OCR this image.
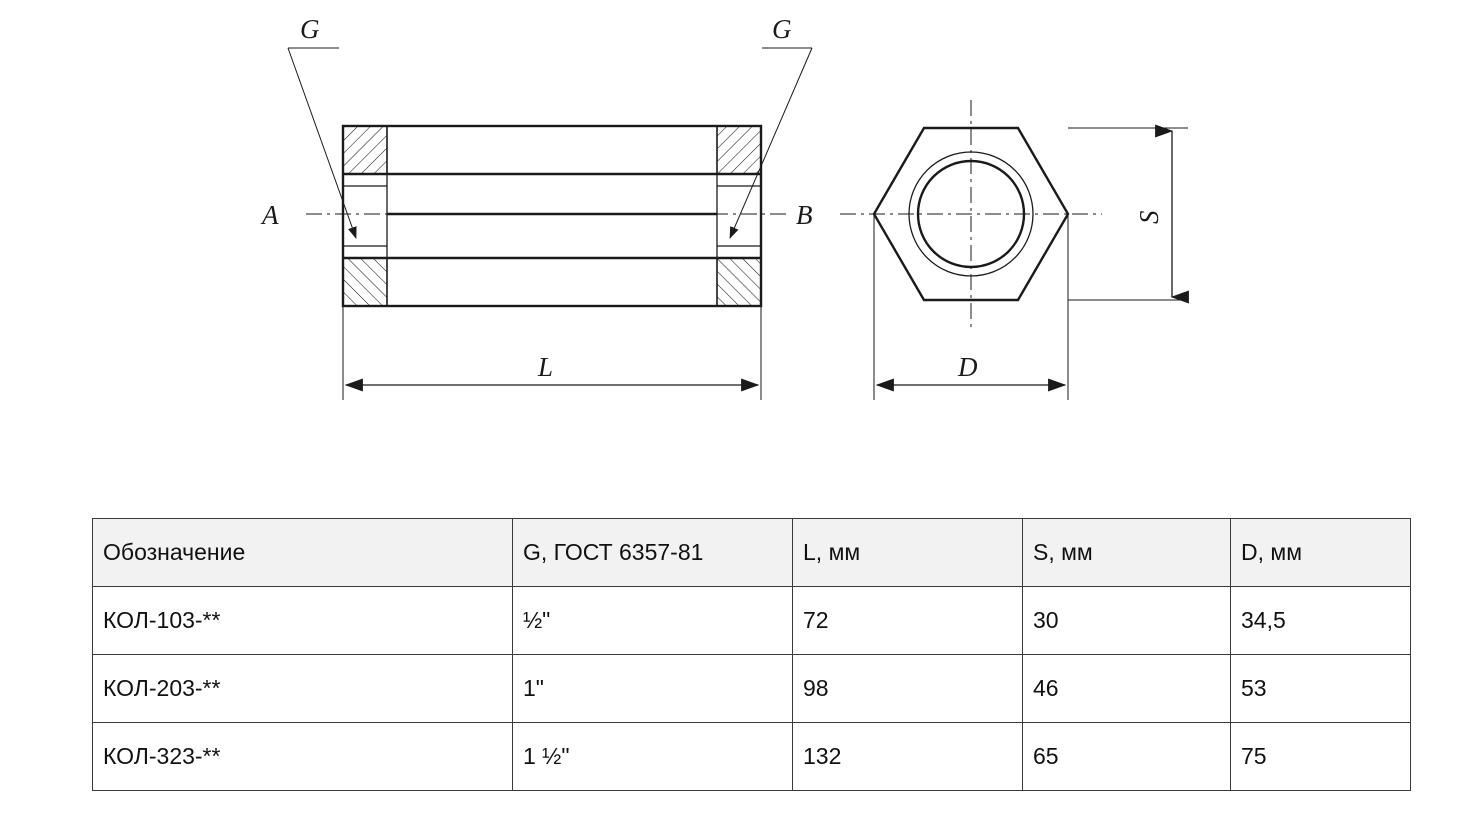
A	B
G	G
L
S
D
Обозначение	G, ГОСТ 6357-81	L, мм	S, мм	D, мм
КОЛ-103-**	½"	72	30	34,5
КОЛ-203-**	1"	98	46	53
КОЛ-323-**	1 ½"	132	65	75
